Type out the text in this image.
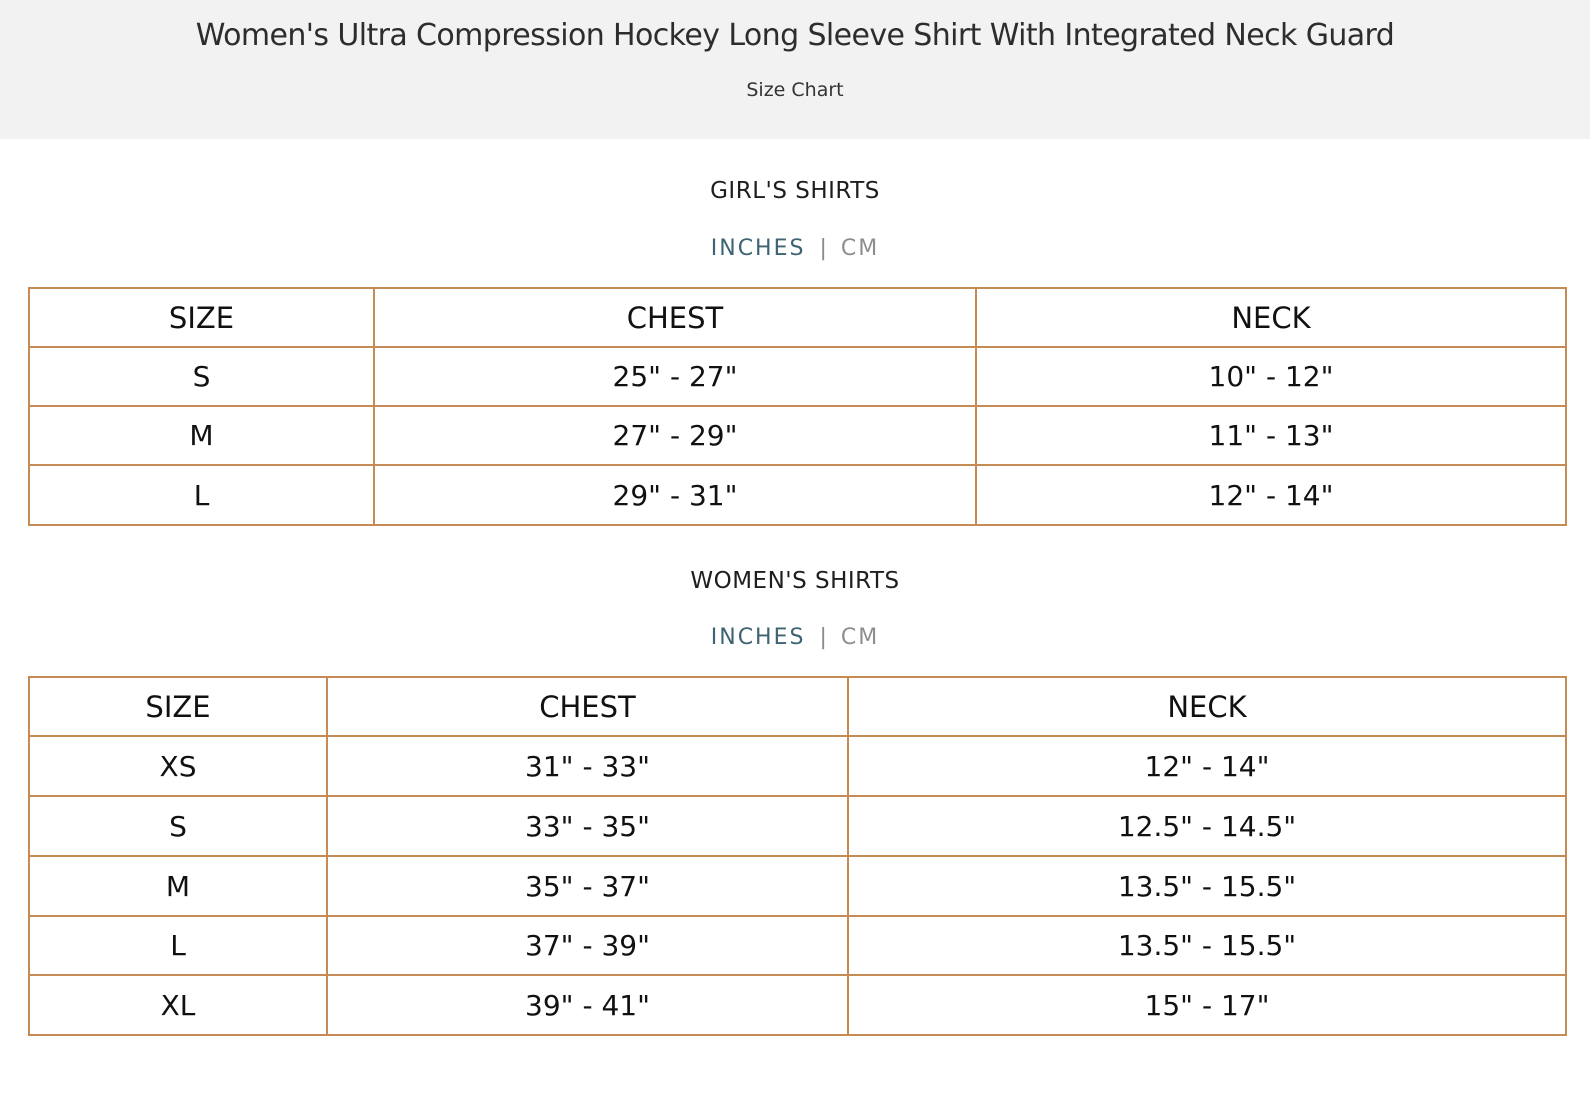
Women's Ultra Compression Hockey Long Sleeve Shirt With Integrated Neck Guard
Size Chart
GIRL'S SHIRTS
INCHES | CM
SIZE	CHEST	NECK
S	25" - 27"	10" - 12"
M	27" - 29"	11" - 13"
L	29" - 31"	12" - 14"
WOMEN'S SHIRTS
INCHES | CM
SIZE	CHEST	NECK
XS	31" - 33"	12" - 14"
S	33" - 35"	12.5" - 14.5"
M	35" - 37"	13.5" - 15.5"
L	37" - 39"	13.5" - 15.5"
XL	39" - 41"	15" - 17"
